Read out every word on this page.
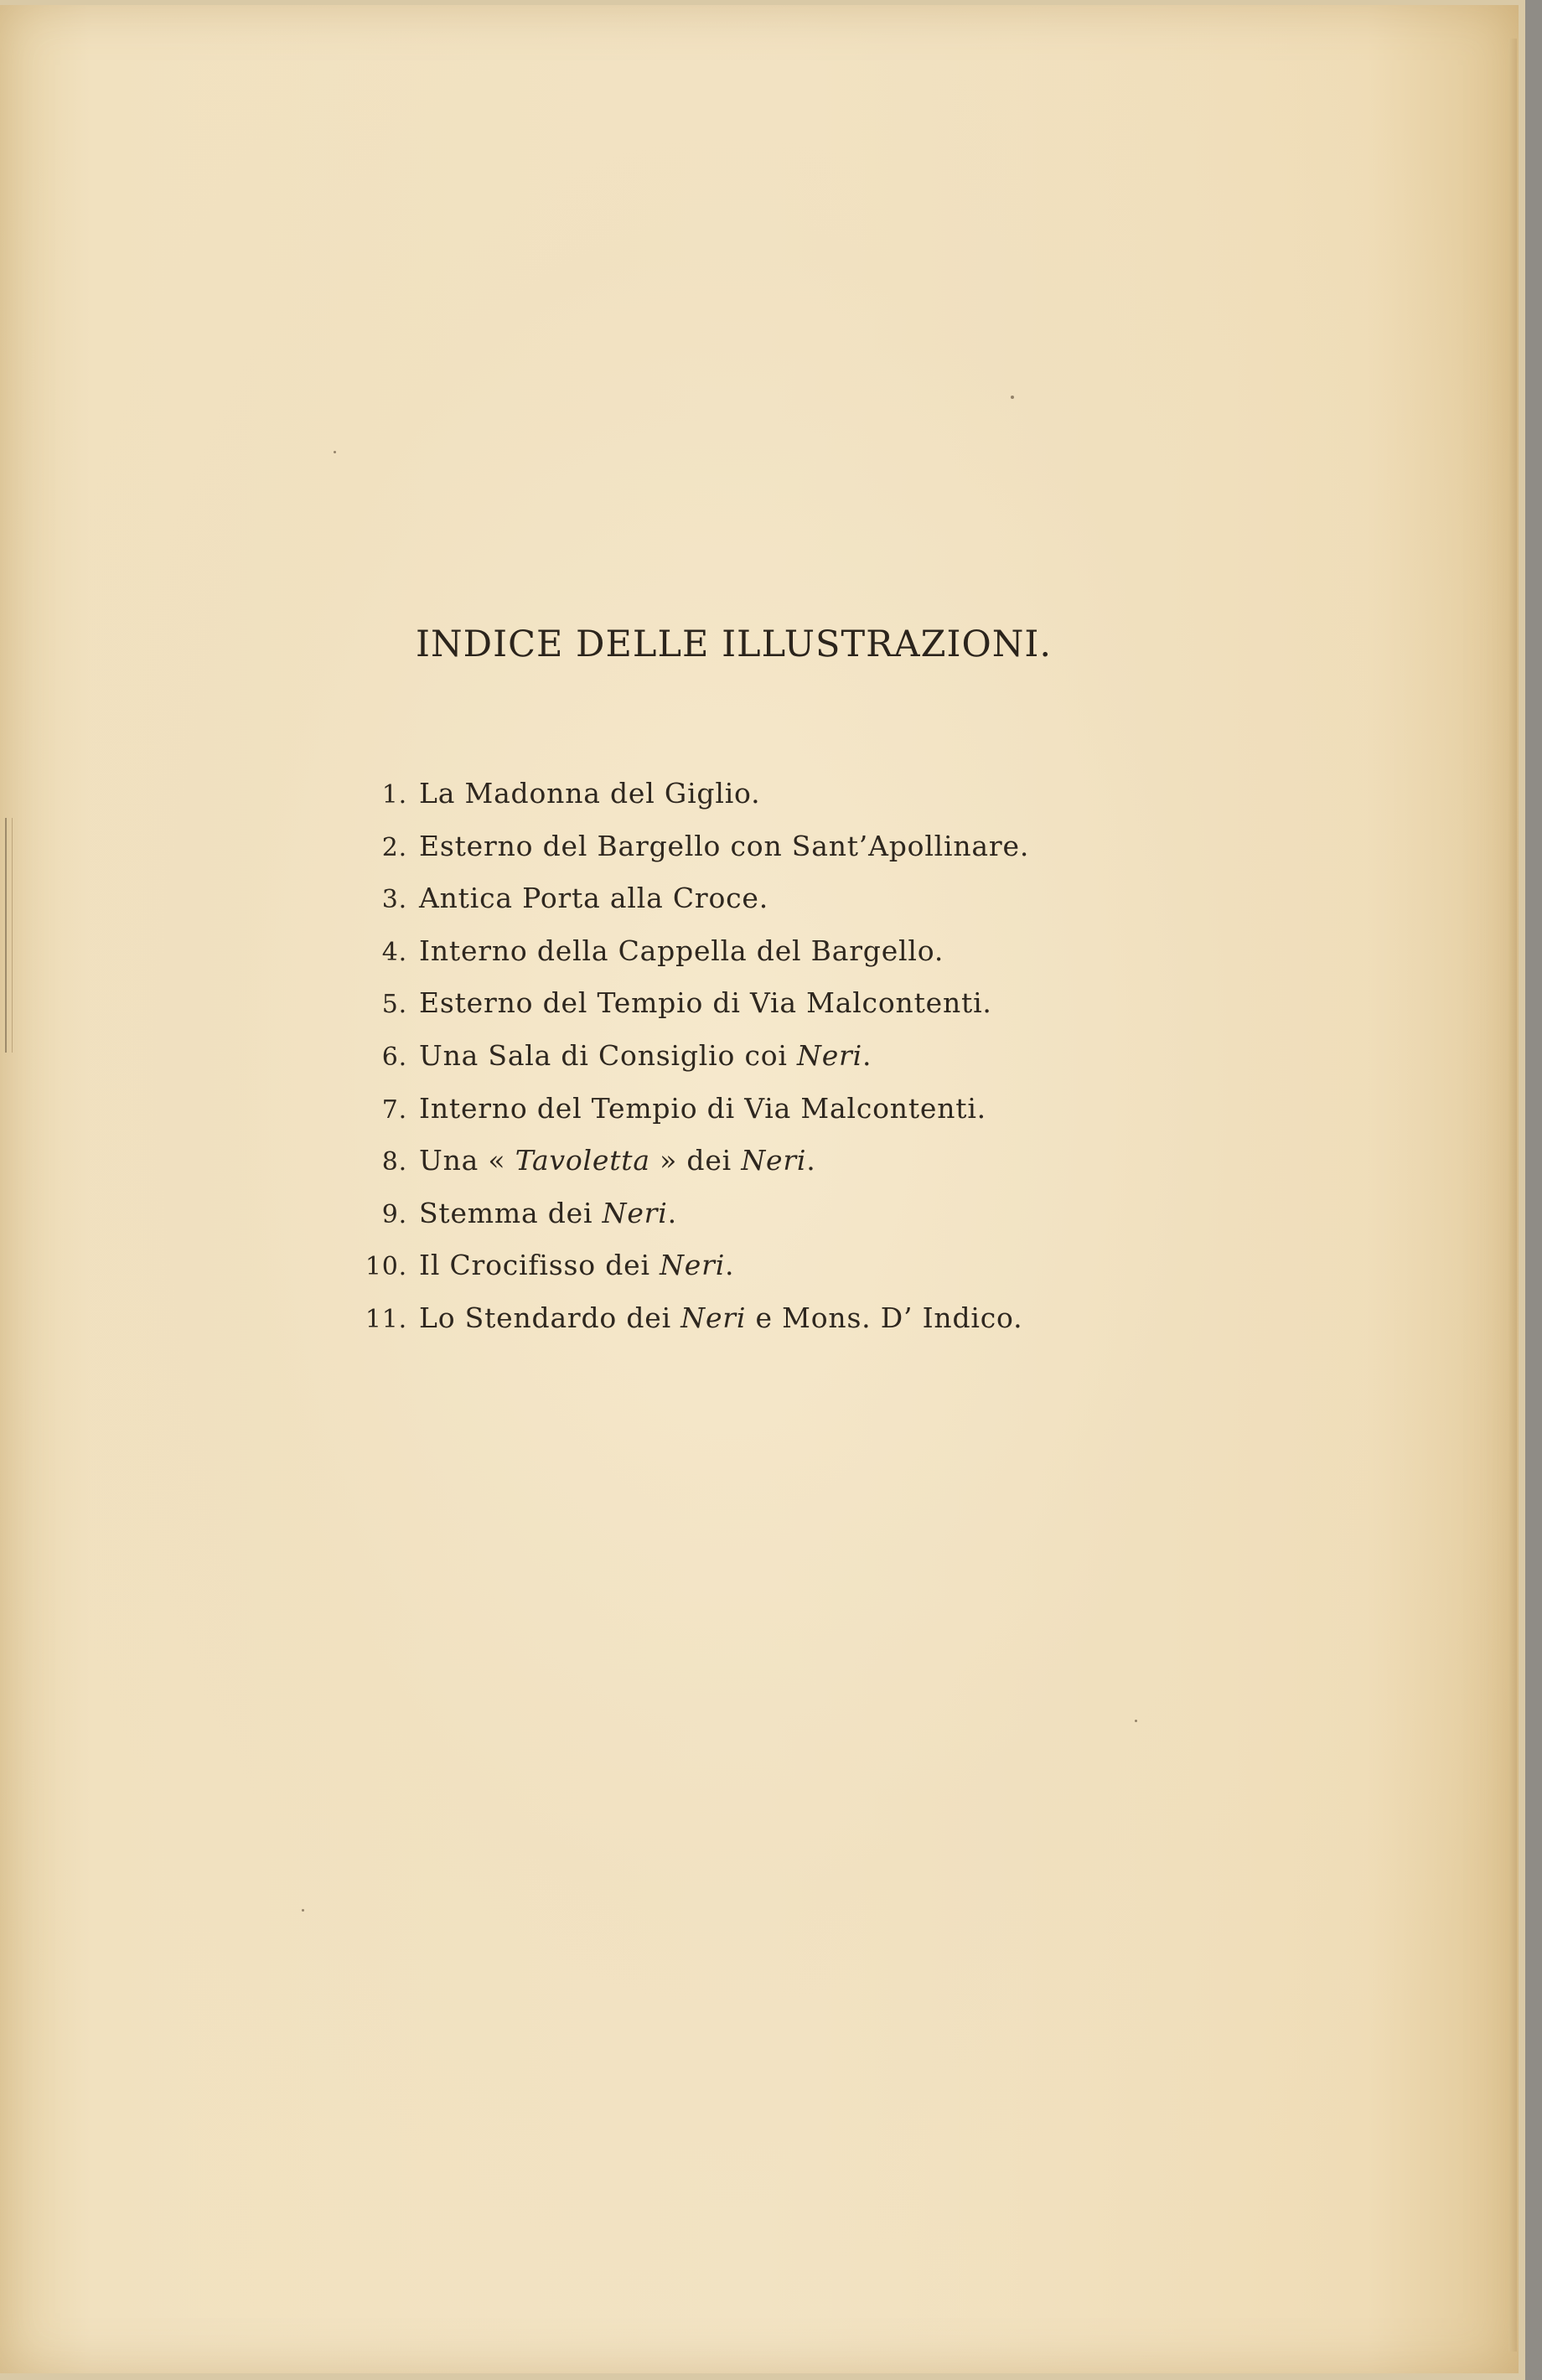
INDICE DELLE ILLUSTRAZIONI.
1. La Madonna del Giglio.
2. Esterno del Bargello con Sant’Apollinare.
3. Antica Porta alla Croce.
4. Interno della Cappella del Bargello.
5. Esterno del Tempio di Via Malcontenti.
6. Una Sala di Consiglio coi Neri.
7. Interno del Tempio di Via Malcontenti.
8. Una « Tavoletta » dei Neri.
9. Stemma dei Neri.
10. Il Crocifisso dei Neri.
11. Lo Stendardo dei Neri e Mons. D’ Indico.
